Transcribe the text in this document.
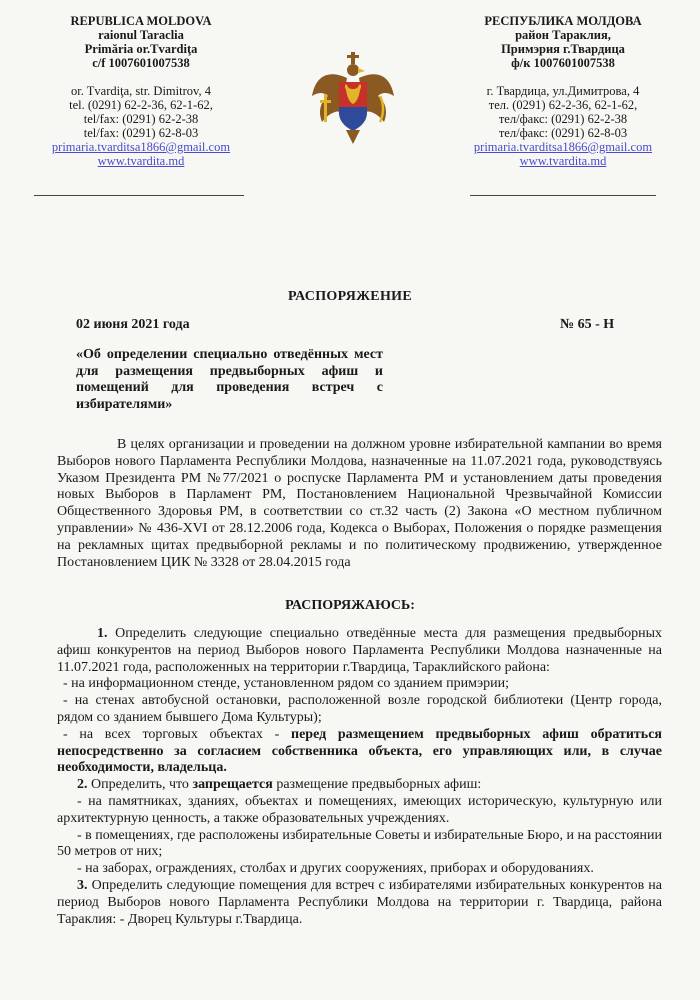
REPUBLICA MOLDOVA
raionul Taraclia
Primăria or.Tvardiţa
c/f 1007601007538
or. Tvardiţa, str. Dimitrov, 4
tel. (0291) 62-2-36, 62-1-62,
tel/fax: (0291) 62-2-38
tel/fax: (0291) 62-8-03
primaria.tvarditsa1866@gmail.com
www.tvardita.md
РЕСПУБЛИКА МОЛДОВА
район Тараклия,
Примэрия г.Твардица
ф/к 1007601007538
г. Твардица, ул.Димитрова, 4
тел. (0291) 62-2-36, 62-1-62,
тел/факс: (0291) 62-2-38
тел/факс: (0291) 62-8-03
primaria.tvarditsa1866@gmail.com
www.tvardita.md
РАСПОРЯЖЕНИЕ
02 июня 2021 года	№ 65 - Н
«Об определении специально отведённых мест для размещения предвыборных афиш и помещений для проведения встреч с избирателями»

В целях организации и проведении на должном уровне избирательной кампании во время Выборов нового Парламента Республики Молдова, назначенные на 11.07.2021 года, руководствуясь Указом Президента РМ №77/2021 о роспуске Парламента РМ и установлением даты проведения новых Выборов в Парламент РМ, Постановлением Национальной Чрезвычайной Комиссии Общественного Здоровья РМ, в соответствии со ст.32 часть (2) Закона «О местном публичном управлении» № 436-XVI от 28.12.2006 года, Кодекса о Выборах, Положения о порядке размещения на рекламных щитах предвыборной рекламы и по политическому продвижению, утвержденное Постановлением ЦИК № 3328 от 28.04.2015 года

РАСПОРЯЖАЮСЬ:

1. Определить следующие специально отведённые места для размещения предвыборных афиш конкурентов на период Выборов нового Парламента Республики Молдова назначенные на 11.07.2021 года, расположенных на территории г.Твардица, Тараклийского района:

- на информационном стенде, установленном рядом со зданием примэрии;

- на стенах автобусной остановки, расположенной возле городской библиотеки (Центр города, рядом со зданием бывшего Дома Культуры);

- на всех торговых объектах - перед размещением предвыборных афиш обратиться непосредственно за согласием собственника объекта, его управляющих или, в случае необходимости, владельца.

2. Определить, что запрещается размещение предвыборных афиш:

- на памятниках, зданиях, объектах и помещениях, имеющих историческую, культурную или архитектурную ценность, а также образовательных учреждениях.

- в помещениях, где расположены избирательные Советы и избирательные Бюро, и на расстоянии 50 метров от них;

- на заборах, ограждениях, столбах и других сооружениях, приборах и оборудованиях.

3. Определить следующие помещения для встреч с избирателями избирательных конкурентов на период Выборов нового Парламента Республики Молдова на территории г. Твардица, района Тараклия: - Дворец Культуры г.Твардица.
